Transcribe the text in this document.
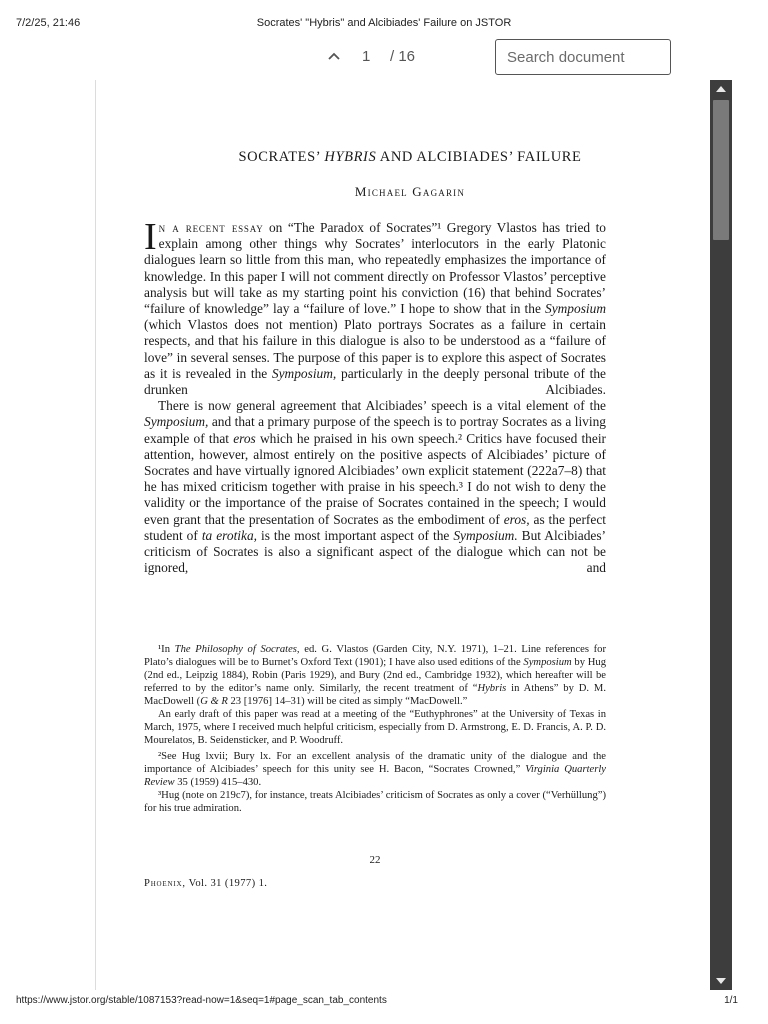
7/2/25, 21:46	Socrates' "Hybris" and Alcibiades' Failure on JSTOR
1 / 16
Search document
SOCRATES’ HYBRIS AND ALCIBIADES’ FAILURE
Michael Gagarin

In a recent essay on “The Paradox of Socrates”¹ Gregory Vlastos has tried to explain among other things why Socrates’ interlocutors in the early Platonic dialogues learn so little from this man, who repeatedly emphasizes the importance of knowledge. In this paper I will not comment directly on Professor Vlastos’ perceptive analysis but will take as my starting point his conviction (16) that behind Socrates’ “failure of knowledge” lay a “failure of love.” I hope to show that in the Symposium (which Vlastos does not mention) Plato portrays Socrates as a failure in certain respects, and that his failure in this dialogue is also to be understood as a “failure of love” in several senses. The purpose of this paper is to explore this aspect of Socrates as it is revealed in the Symposium, particularly in the deeply personal tribute of the drunken Alcibiades.

There is now general agreement that Alcibiades’ speech is a vital element of the Symposium, and that a primary purpose of the speech is to portray Socrates as a living example of that eros which he praised in his own speech.² Critics have focused their attention, however, almost entirely on the positive aspects of Alcibiades’ picture of Socrates and have virtually ignored Alcibiades’ own explicit statement (222a7–8) that he has mixed criticism together with praise in his speech.³ I do not wish to deny the validity or the importance of the praise of Socrates contained in the speech; I would even grant that the presentation of Socrates as the embodiment of eros, as the perfect student of ta erotika, is the most important aspect of the Symposium. But Alcibiades’ criticism of Socrates is also a significant aspect of the dialogue which can not be ignored, and

¹In The Philosophy of Socrates, ed. G. Vlastos (Garden City, N.Y. 1971), 1–21. Line references for Plato’s dialogues will be to Burnet’s Oxford Text (1901); I have also used editions of the Symposium by Hug (2nd ed., Leipzig 1884), Robin (Paris 1929), and Bury (2nd ed., Cambridge 1932), which hereafter will be referred to by the editor’s name only. Similarly, the recent treatment of “Hybris in Athens” by D. M. MacDowell (G & R 23 [1976] 14–31) will be cited as simply “MacDowell.”

An early draft of this paper was read at a meeting of the “Euthyphrones” at the University of Texas in March, 1975, where I received much helpful criticism, especially from D. Armstrong, E. D. Francis, A. P. D. Mourelatos, B. Seidensticker, and P. Woodruff.

²See Hug lxvii; Bury lx. For an excellent analysis of the dramatic unity of the dialogue and the importance of Alcibiades’ speech for this unity see H. Bacon, “Socrates Crowned,” Virginia Quarterly Review 35 (1959) 415–430.

³Hug (note on 219c7), for instance, treats Alcibiades’ criticism of Socrates as only a cover (“Verhüllung”) for his true admiration.

22
Phoenix, Vol. 31 (1977) 1.
https://www.jstor.org/stable/1087153?read-now=1&seq=1#page_scan_tab_contents	1/1
